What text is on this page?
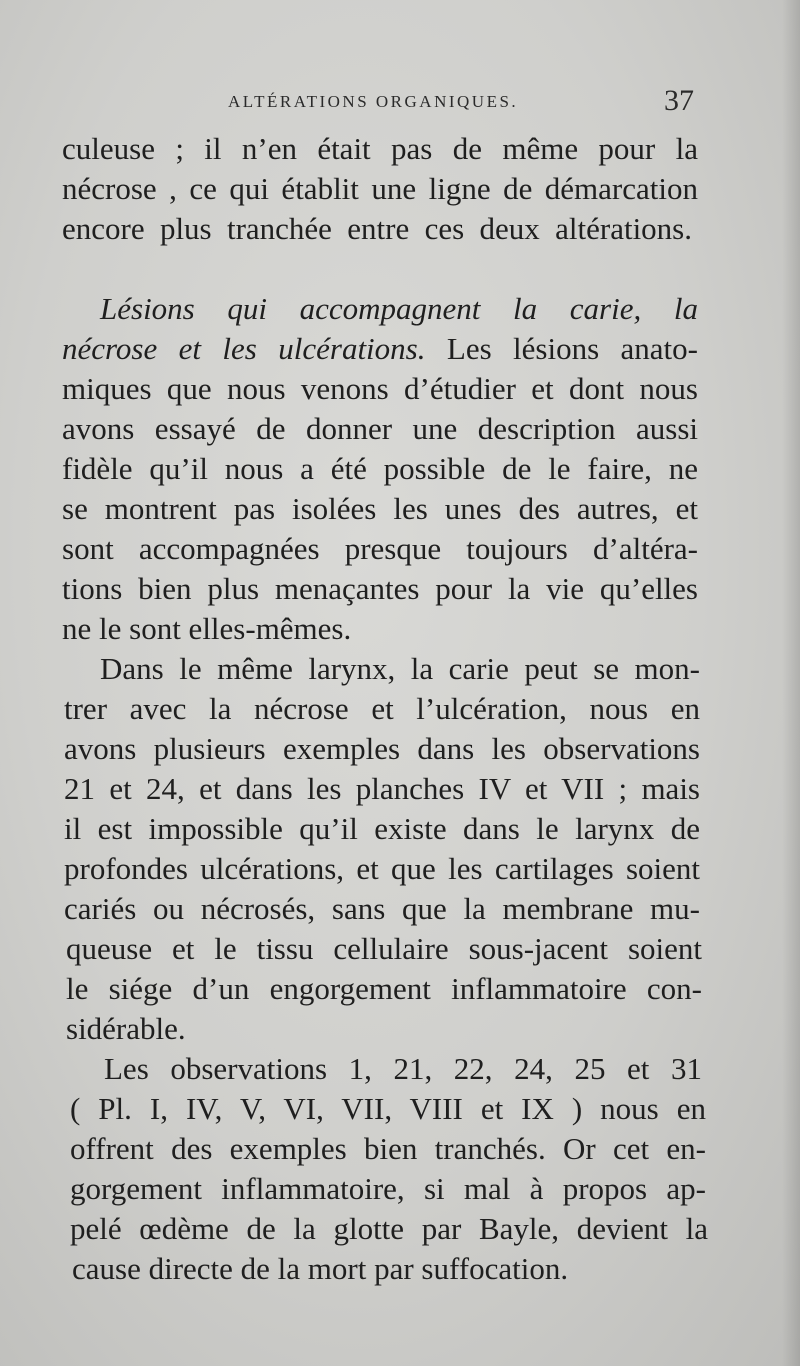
ALTÉRATIONS ORGANIQUES.	37
culeuse ; il n’en était pas de même pour la
nécrose , ce qui établit une ligne de démarcation
encore plus tranchée entre ces deux altérations.
Lésions qui accompagnent la carie, la
nécrose et les ulcérations. Les lésions anato-
miques que nous venons d’étudier et dont nous
avons essayé de donner une description aussi
fidèle qu’il nous a été possible de le faire, ne
se montrent pas isolées les unes des autres, et
sont accompagnées presque toujours d’altéra-
tions bien plus menaçantes pour la vie qu’elles
ne le sont elles-mêmes.
Dans le même larynx, la carie peut se mon-
trer avec la nécrose et l’ulcération, nous en
avons plusieurs exemples dans les observations
21 et 24, et dans les planches IV et VII ; mais
il est impossible qu’il existe dans le larynx de
profondes ulcérations, et que les cartilages soient
cariés ou nécrosés, sans que la membrane mu-
queuse et le tissu cellulaire sous-jacent soient
le siége d’un engorgement inflammatoire con-
sidérable.
Les observations 1, 21, 22, 24, 25 et 31
( Pl. I, IV, V, VI, VII, VIII et IX ) nous en
offrent des exemples bien tranchés. Or cet en-
gorgement inflammatoire, si mal à propos ap-
pelé œdème de la glotte par Bayle, devient la
cause directe de la mort par suffocation.
